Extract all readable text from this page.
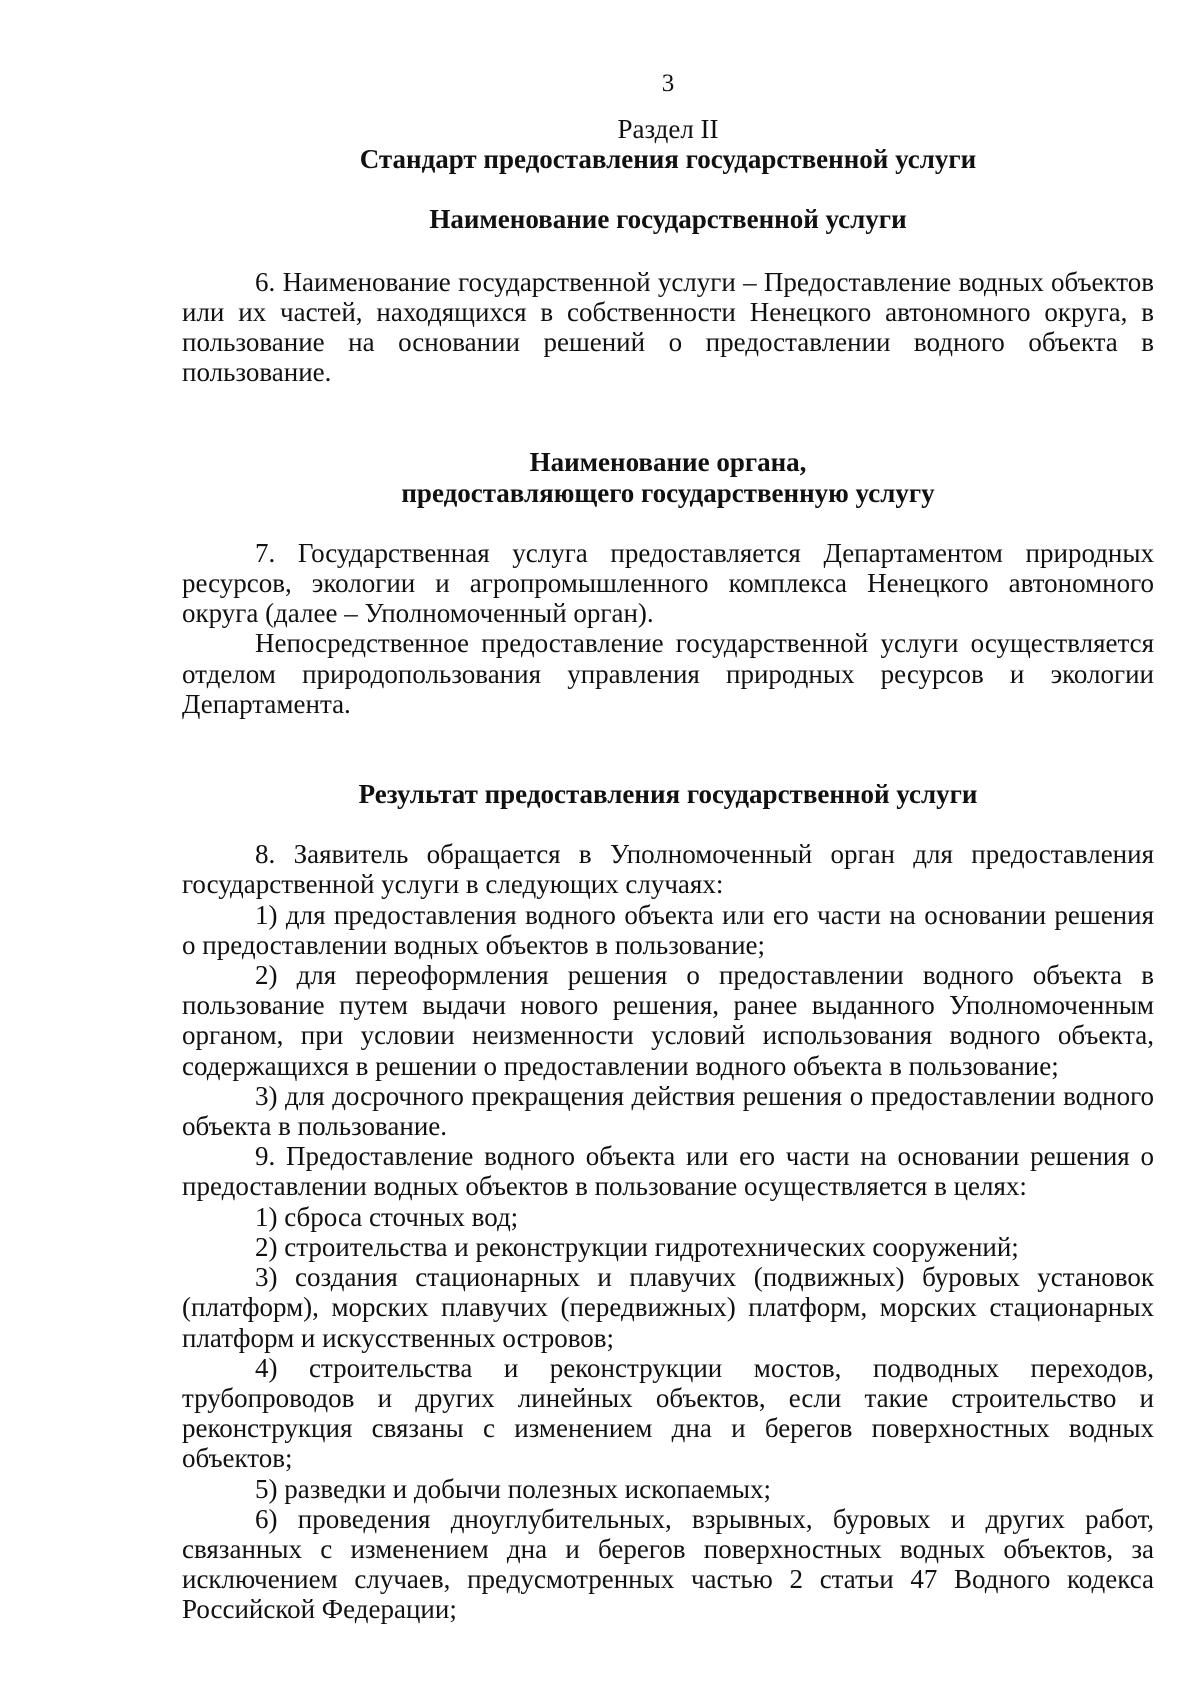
3
Раздел II
Стандарт предоставления государственной услуги
Наименование государственной услуги

6. Наименование государственной услуги – Предоставление водных объектов или их частей, находящихся в собственности Ненецкого автономного округа, в пользование на основании решений о предоставлении водного объекта в пользование.

Наименование органа,
предоставляющего государственную услугу

7. Государственная услуга предоставляется Департаментом природных ресурсов, экологии и агропромышленного комплекса Ненецкого автономного округа (далее – Уполномоченный орган).

Непосредственное предоставление государственной услуги осуществляется отделом природопользования управления природных ресурсов и экологии Департамента.

Результат предоставления государственной услуги

8. Заявитель обращается в Уполномоченный орган для предоставления государственной услуги в следующих случаях:

1) для предоставления водного объекта или его части на основании решения о предоставлении водных объектов в пользование;

2) для переоформления решения о предоставлении водного объекта в пользование путем выдачи нового решения, ранее выданного Уполномоченным органом, при условии неизменности условий использования водного объекта, содержащихся в решении о предоставлении водного объекта в пользование;

3) для досрочного прекращения действия решения о предоставлении водного объекта в пользование.

9. Предоставление водного объекта или его части на основании решения о предоставлении водных объектов в пользование осуществляется в целях:

1) сброса сточных вод;

2) строительства и реконструкции гидротехнических сооружений;

3) создания стационарных и плавучих (подвижных) буровых установок (платформ), морских плавучих (передвижных) платформ, морских стационарных платформ и искусственных островов;

4) строительства и реконструкции мостов, подводных переходов, трубопроводов и других линейных объектов, если такие строительство и реконструкция связаны с изменением дна и берегов поверхностных водных объектов;

5) разведки и добычи полезных ископаемых;

6) проведения дноуглубительных, взрывных, буровых и других работ, связанных с изменением дна и берегов поверхностных водных объектов, за исключением случаев, предусмотренных частью 2 статьи 47 Водного кодекса Российской Федерации;
